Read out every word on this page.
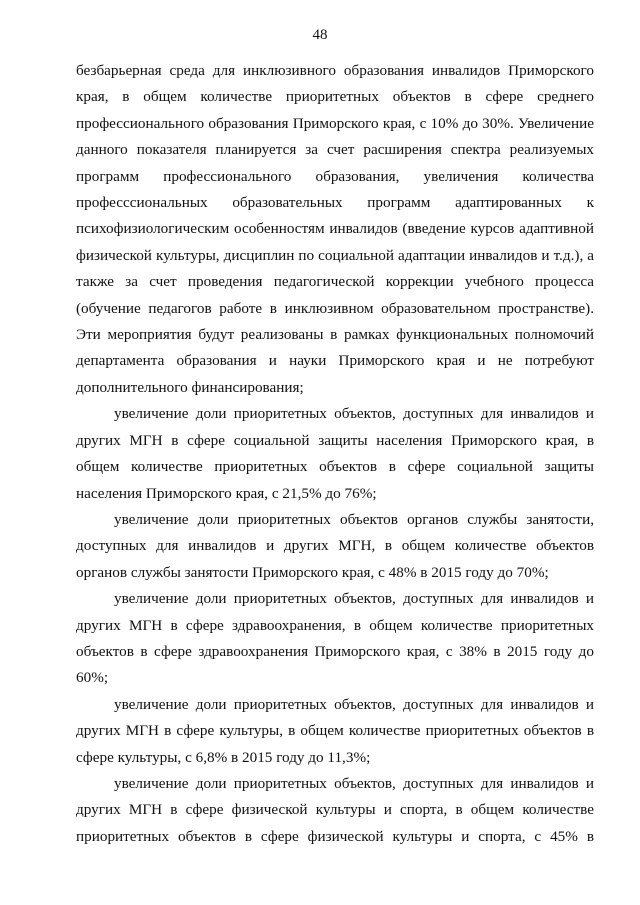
48

безбарьерная среда для инклюзивного образования инвалидов Приморского края, в общем количестве приоритетных объектов в сфере среднего профессионального образования Приморского края, с 10% до 30%. Увеличение данного показателя планируется за счет расширения спектра реализуемых программ профессионального образования, увеличения количества професссиональных образовательных программ адаптированных к психофизиологическим особенностям инвалидов (введение курсов адаптивной физической культуры, дисциплин по социальной адаптации инвалидов и т.д.), а также за счет проведения педагогической коррекции учебного процесса (обучение педагогов работе в инклюзивном образовательном пространстве). Эти мероприятия будут реализованы в рамках функциональных полномочий департамента образования и науки Приморского края и не потребуют дополнительного финансирования;

увеличение доли приоритетных объектов, доступных для инвалидов и других МГН в сфере социальной защиты населения Приморского края, в общем количестве приоритетных объектов в сфере социальной защиты населения Приморского края, с 21,5% до 76%;

увеличение доли приоритетных объектов органов службы занятости, доступных для инвалидов и других МГН, в общем количестве объектов органов службы занятости Приморского края, с 48% в 2015 году до 70%;

увеличение доли приоритетных объектов, доступных для инвалидов и других МГН в сфере здравоохранения, в общем количестве приоритетных объектов в сфере здравоохранения Приморского края, с 38% в 2015 году до 60%;

увеличение доли приоритетных объектов, доступных для инвалидов и других МГН в сфере культуры, в общем количестве приоритетных объектов в сфере культуры, с 6,8% в 2015 году до 11,3%;

увеличение доли приоритетных объектов, доступных для инвалидов и других МГН в сфере физической культуры и спорта, в общем количестве приоритетных объектов в сфере физической культуры и спорта, с 45% в
